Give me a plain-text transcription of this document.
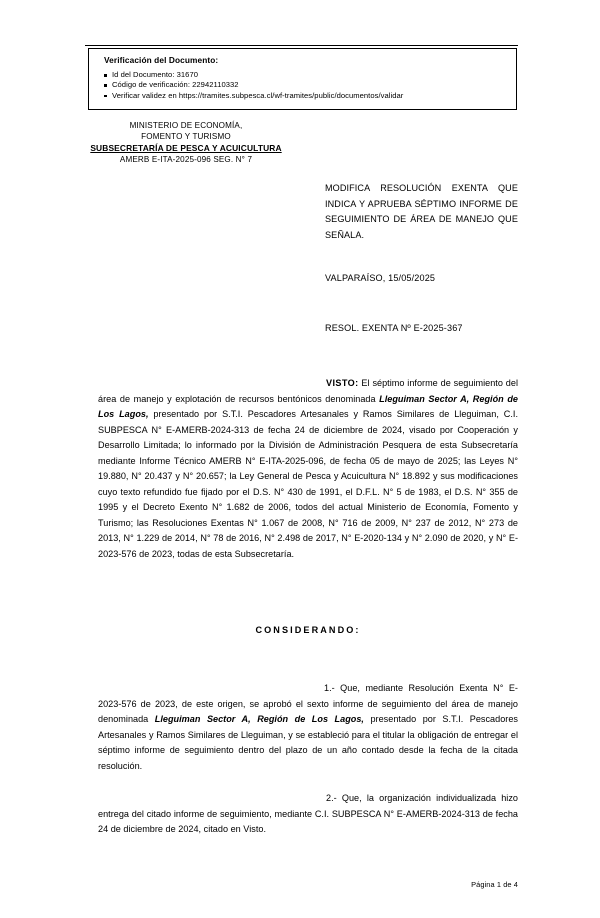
Verificación del Documento:
Id del Documento: 31670
Código de verificación: 22942110332
Verificar validez en https://tramites.subpesca.cl/wf-tramites/public/documentos/validar
MINISTERIO DE ECONOMÍA,
FOMENTO Y TURISMO
SUBSECRETARÍA DE PESCA Y ACUICULTURA
AMERB E-ITA-2025-096 SEG. N° 7
MODIFICA RESOLUCIÓN EXENTA QUE INDICA Y APRUEBA SÉPTIMO INFORME DE SEGUIMIENTO DE ÁREA DE MANEJO QUE SEÑALA.
VALPARAÍSO, 15/05/2025
RESOL. EXENTA Nº E-2025-367
VISTO: El séptimo informe de seguimiento del área de manejo y explotación de recursos bentónicos denominada Lleguiman Sector A, Región de Los Lagos, presentado por S.T.I. Pescadores Artesanales y Ramos Similares de Lleguiman, C.I. SUBPESCA N° E-AMERB-2024-313 de fecha 24 de diciembre de 2024, visado por Cooperación y Desarrollo Limitada; lo informado por la División de Administración Pesquera de esta Subsecretaría mediante Informe Técnico AMERB N° E-ITA-2025-096, de fecha 05 de mayo de 2025; las Leyes N° 19.880, N° 20.437 y N° 20.657; la Ley General de Pesca y Acuicultura N° 18.892 y sus modificaciones cuyo texto refundido fue fijado por el D.S. N° 430 de 1991, el D.F.L. N° 5 de 1983, el D.S. N° 355 de 1995 y el Decreto Exento N° 1.682 de 2006, todos del actual Ministerio de Economía, Fomento y Turismo; las Resoluciones Exentas N° 1.067 de 2008, N° 716 de 2009, N° 237 de 2012, N° 273 de 2013, N° 1.229 de 2014, N° 78 de 2016, N° 2.498 de 2017, N° E-2020-134 y N° 2.090 de 2020, y N° E-2023-576 de 2023, todas de esta Subsecretaría.
CONSIDERANDO:
1.- Que, mediante Resolución Exenta N° E-2023-576 de 2023, de este origen, se aprobó el sexto informe de seguimiento del área de manejo denominada Lleguiman Sector A, Región de Los Lagos, presentado por S.T.I. Pescadores Artesanales y Ramos Similares de Lleguiman, y se estableció para el titular la obligación de entregar el séptimo informe de seguimiento dentro del plazo de un año contado desde la fecha de la citada resolución.
2.- Que, la organización individualizada hizo entrega del citado informe de seguimiento, mediante C.I. SUBPESCA N° E-AMERB-2024-313 de fecha 24 de diciembre de 2024, citado en Visto.
Página 1 de 4
